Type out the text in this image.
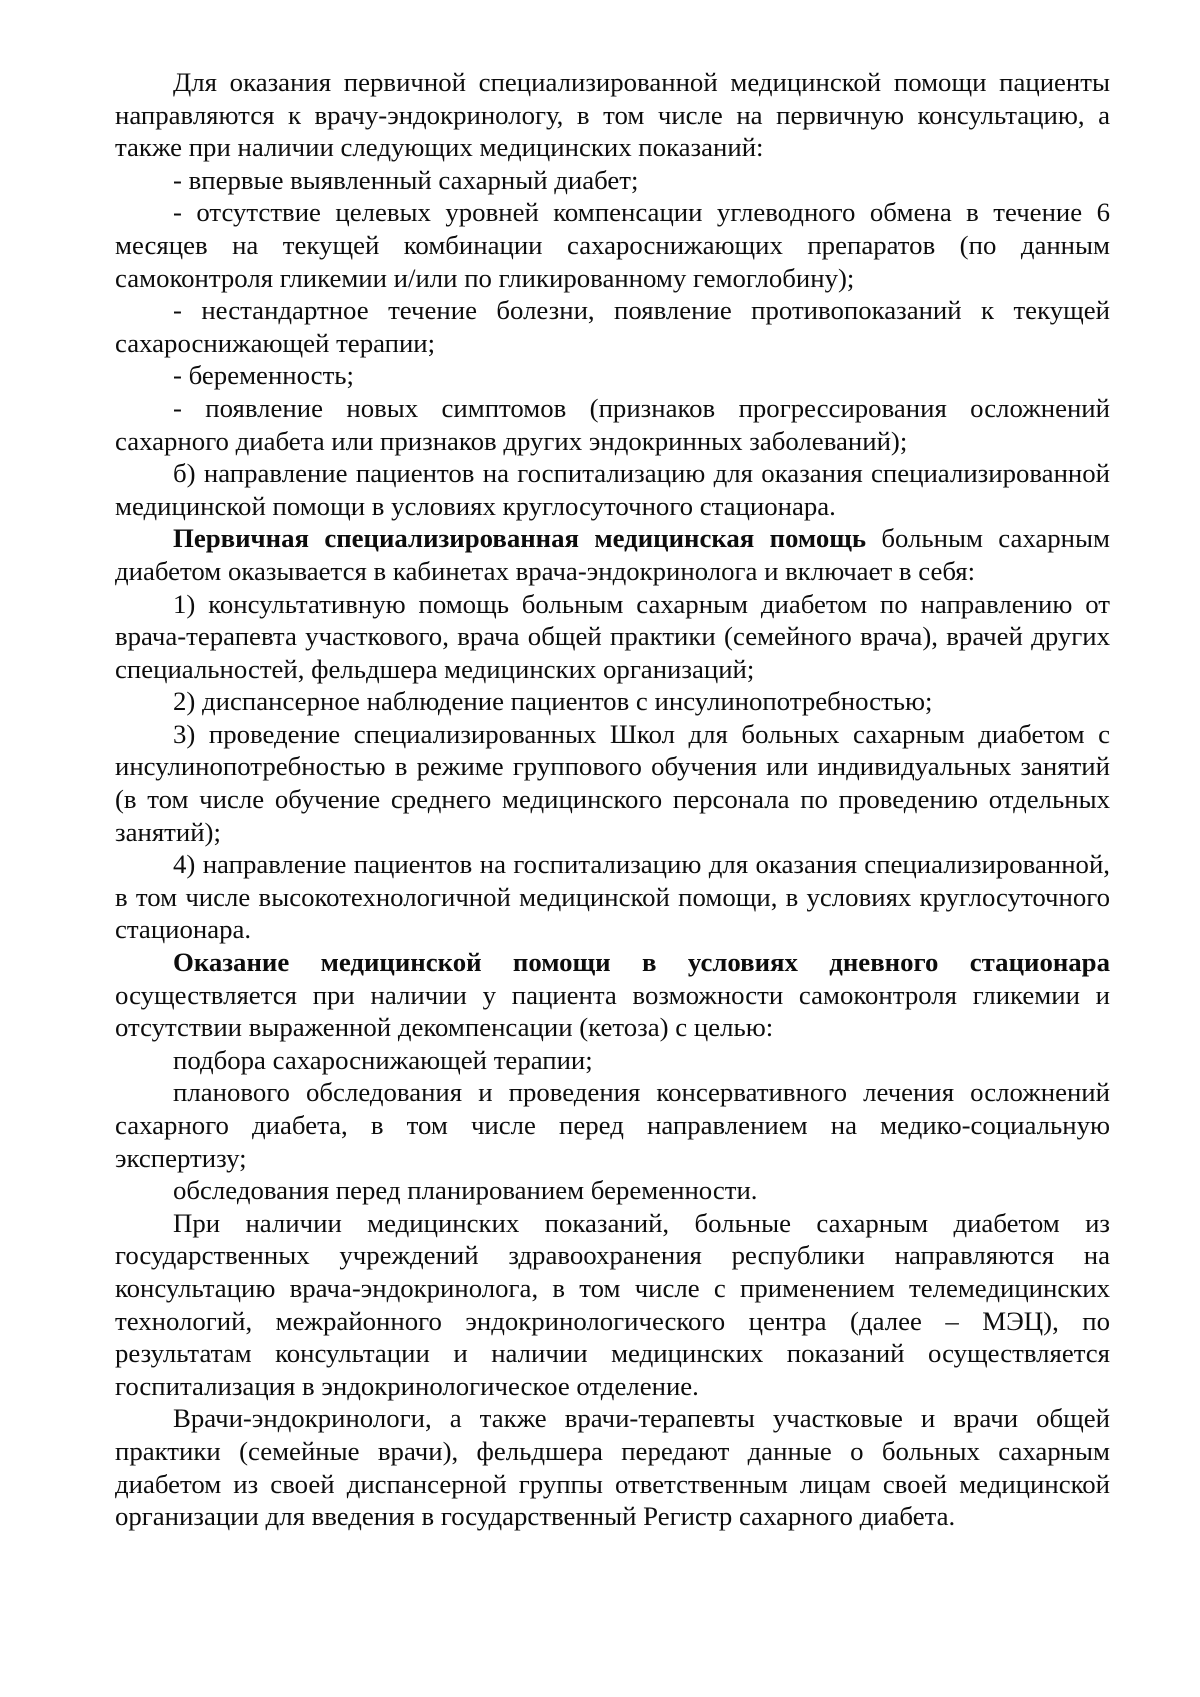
Для оказания первичной специализированной медицинской помощи пациенты направляются к врачу-эндокринологу, в том числе на первичную консультацию, а также при наличии следующих медицинских показаний:

- впервые выявленный сахарный диабет;

- отсутствие целевых уровней компенсации углеводного обмена в течение 6 месяцев на текущей комбинации сахароснижающих препаратов (по данным самоконтроля гликемии и/или по гликированному гемоглобину);

- нестандартное течение болезни, появление противопоказаний к текущей сахароснижающей терапии;

- беременность;

- появление новых симптомов (признаков прогрессирования осложнений сахарного диабета или признаков других эндокринных заболеваний);

б) направление пациентов на госпитализацию для оказания специализированной медицинской помощи в условиях круглосуточного стационара.

Первичная специализированная медицинская помощь больным сахарным диабетом оказывается в кабинетах врача-эндокринолога и включает в себя:

1) консультативную помощь больным сахарным диабетом по направлению от врача-терапевта участкового, врача общей практики (семейного врача), врачей других специальностей, фельдшера медицинских организаций;

2) диспансерное наблюдение пациентов с инсулинопотребностью;

3) проведение специализированных Школ для больных сахарным диабетом с инсулинопотребностью в режиме группового обучения или индивидуальных занятий (в том числе обучение среднего медицинского персонала по проведению отдельных занятий);

4) направление пациентов на госпитализацию для оказания специализированной, в том числе высокотехнологичной медицинской помощи, в условиях круглосуточного стационара.

Оказание медицинской помощи в условиях дневного стационара осуществляется при наличии у пациента возможности самоконтроля гликемии и отсутствии выраженной декомпенсации (кетоза) с целью:

подбора сахароснижающей терапии;

планового обследования и проведения консервативного лечения осложнений сахарного диабета, в том числе перед направлением на медико-социальную экспертизу;

обследования перед планированием беременности.

При наличии медицинских показаний, больные сахарным диабетом из государственных учреждений здравоохранения республики направляются на консультацию врача-эндокринолога, в том числе с применением телемедицинских технологий, межрайонного эндокринологического центра (далее – МЭЦ), по результатам консультации и наличии медицинских показаний осуществляется госпитализация в эндокринологическое отделение.

Врачи-эндокринологи, а также врачи-терапевты участковые и врачи общей практики (семейные врачи), фельдшера передают данные о больных сахарным диабетом из своей диспансерной группы ответственным лицам своей медицинской организации для введения в государственный Регистр сахарного диабета.
